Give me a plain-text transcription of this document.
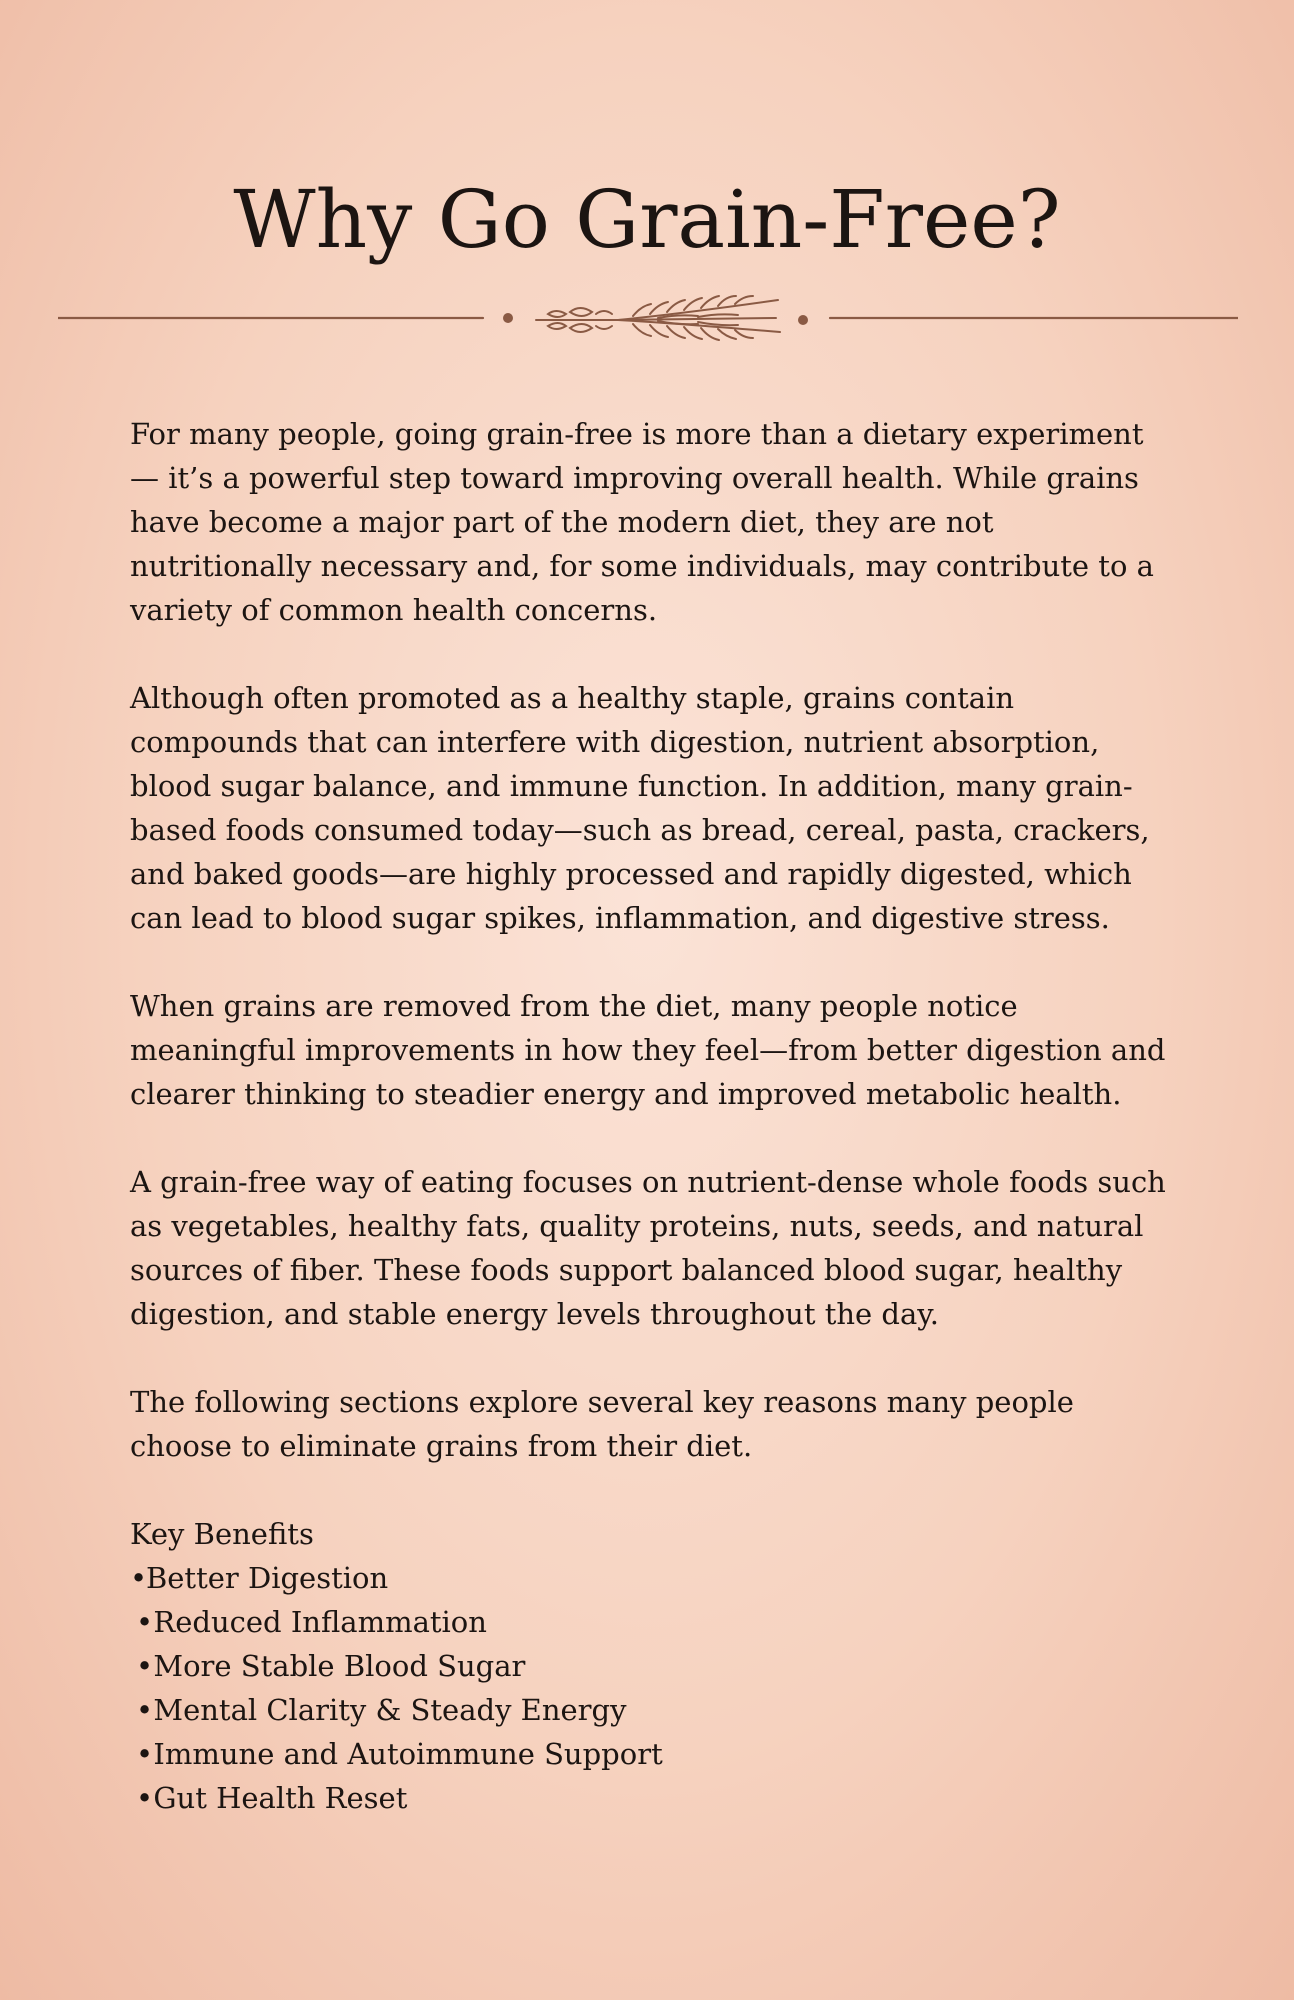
Why Go Grain-Free?

For many people, going grain-free is more than a dietary experiment — it’s a powerful step toward improving overall health. While grains have become a major part of the modern diet, they are not nutritionally necessary and, for some individuals, may contribute to a variety of common health concerns.

Although often promoted as a healthy staple, grains contain compounds that can interfere with digestion, nutrient absorption, blood sugar balance, and immune function. In addition, many grain-based foods consumed today—such as bread, cereal, pasta, crackers, and baked goods—are highly processed and rapidly digested, which can lead to blood sugar spikes, inflammation, and digestive stress.

When grains are removed from the diet, many people notice meaningful improvements in how they feel—from better digestion and clearer thinking to steadier energy and improved metabolic health.

A grain-free way of eating focuses on nutrient-dense whole foods such as vegetables, healthy fats, quality proteins, nuts, seeds, and natural sources of fiber. These foods support balanced blood sugar, healthy digestion, and stable energy levels throughout the day.

The following sections explore several key reasons many people choose to eliminate grains from their diet.

Key Benefits

•Better Digestion
•Reduced Inflammation
•More Stable Blood Sugar
•Mental Clarity & Steady Energy
•Immune and Autoimmune Support
•Gut Health Reset
